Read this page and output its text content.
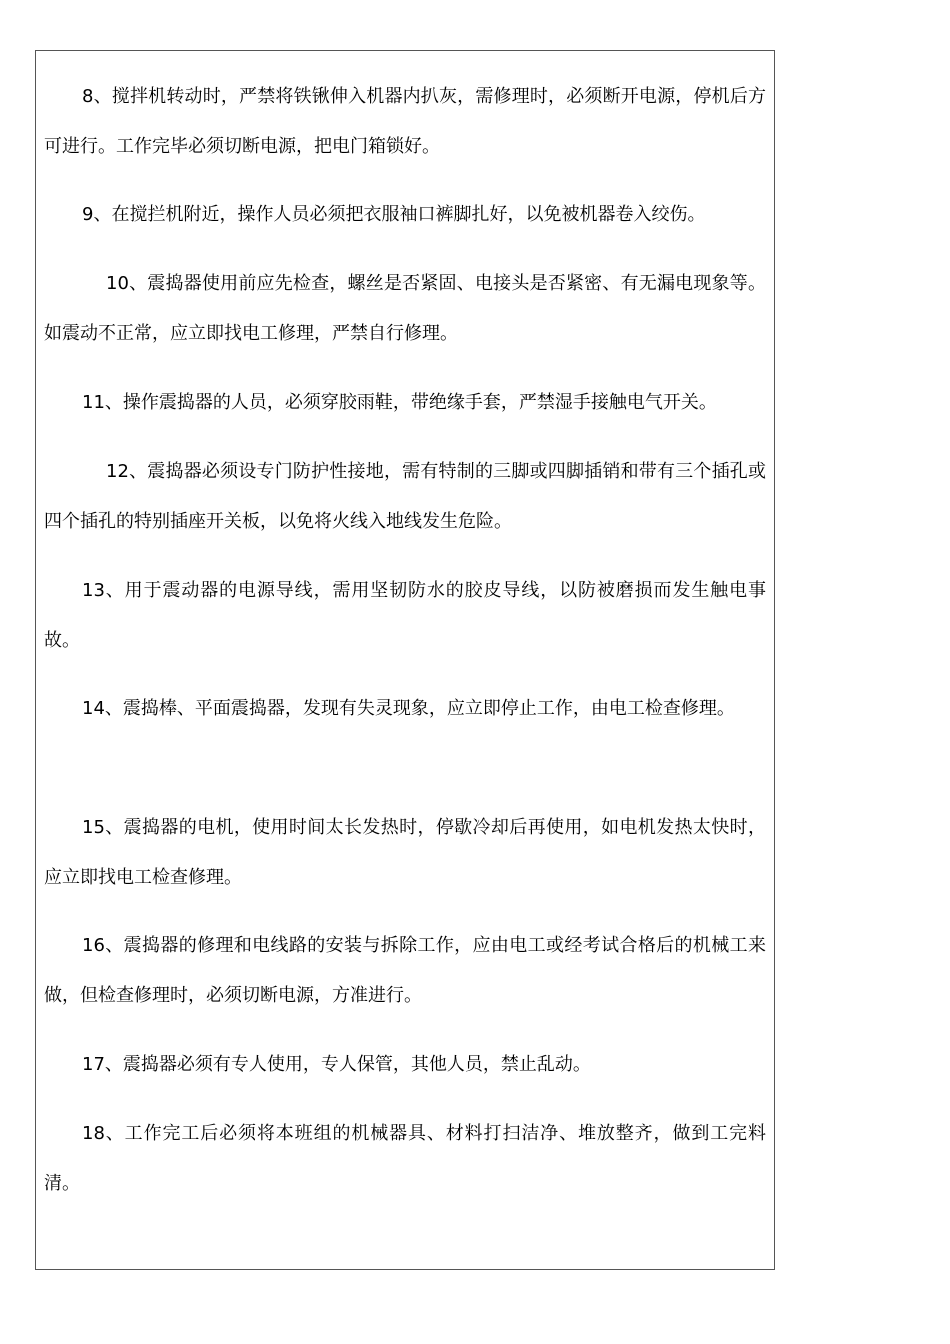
8、搅拌机转动时，严禁将铁锹伸入机器内扒灰，需修理时，必须断开电源，停机后方可进行。工作完毕必须切断电源，把电门箱锁好。

9、在搅拦机附近，操作人员必须把衣服袖口裤脚扎好，以免被机器卷入绞伤。

10、震捣器使用前应先检查，螺丝是否紧固、电接头是否紧密、有无漏电现象等。如震动不正常，应立即找电工修理，严禁自行修理。

11、操作震捣器的人员，必须穿胶雨鞋，带绝缘手套，严禁湿手接触电气开关。

12、震捣器必须设专门防护性接地，需有特制的三脚或四脚插销和带有三个插孔或四个插孔的特别插座开关板，以免将火线入地线发生危险。

13、用于震动器的电源导线，需用坚韧防水的胶皮导线，以防被磨损而发生触电事故。

14、震捣棒、平面震捣器，发现有失灵现象，应立即停止工作，由电工检查修理。

15、震捣器的电机，使用时间太长发热时，停歇冷却后再使用，如电机发热太快时，应立即找电工检查修理。

16、震捣器的修理和电线路的安装与拆除工作，应由电工或经考试合格后的机械工来做，但检查修理时，必须切断电源，方准进行。

17、震捣器必须有专人使用，专人保管，其他人员，禁止乱动。

18、工作完工后必须将本班组的机械器具、材料打扫洁净、堆放整齐，做到工完料清。
